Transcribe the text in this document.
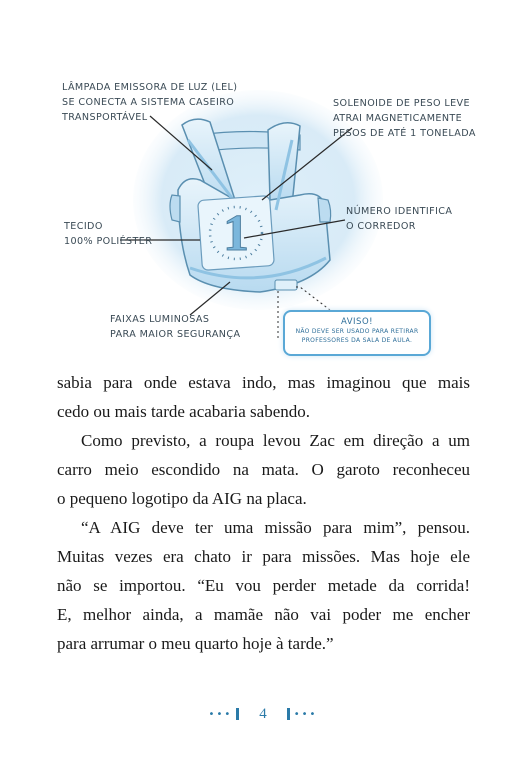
1
LÂMPADA EMISSORA DE LUZ (LEL)
SE CONECTA A SISTEMA CASEIRO
TRANSPORTÁVEL
SOLENOIDE DE PESO LEVE
ATRAI MAGNETICAMENTE
PESOS DE ATÉ 1 TONELADA
TECIDO
100% POLIÉSTER
NÚMERO IDENTIFICA
O CORREDOR
FAIXAS LUMINOSAS
PARA MAIOR SEGURANÇA
AVISO!
NÃO DEVE SER USADO PARA RETIRAR
PROFESSORES DA SALA DE AULA.

sabia para onde estava indo, mas imaginou que mais
cedo ou mais tarde acabaria sabendo.

Como previsto, a roupa levou Zac em direção a um
carro meio escondido na mata. O garoto reconheceu
o pequeno logotipo da AIG na placa.

“A AIG deve ter uma missão para mim”, pensou.
Muitas vezes era chato ir para missões. Mas hoje ele
não se importou. “Eu vou perder metade da corrida!
E, melhor ainda, a mamãe não vai poder me encher
para arrumar o meu quarto hoje à tarde.”

••• 4	•••
